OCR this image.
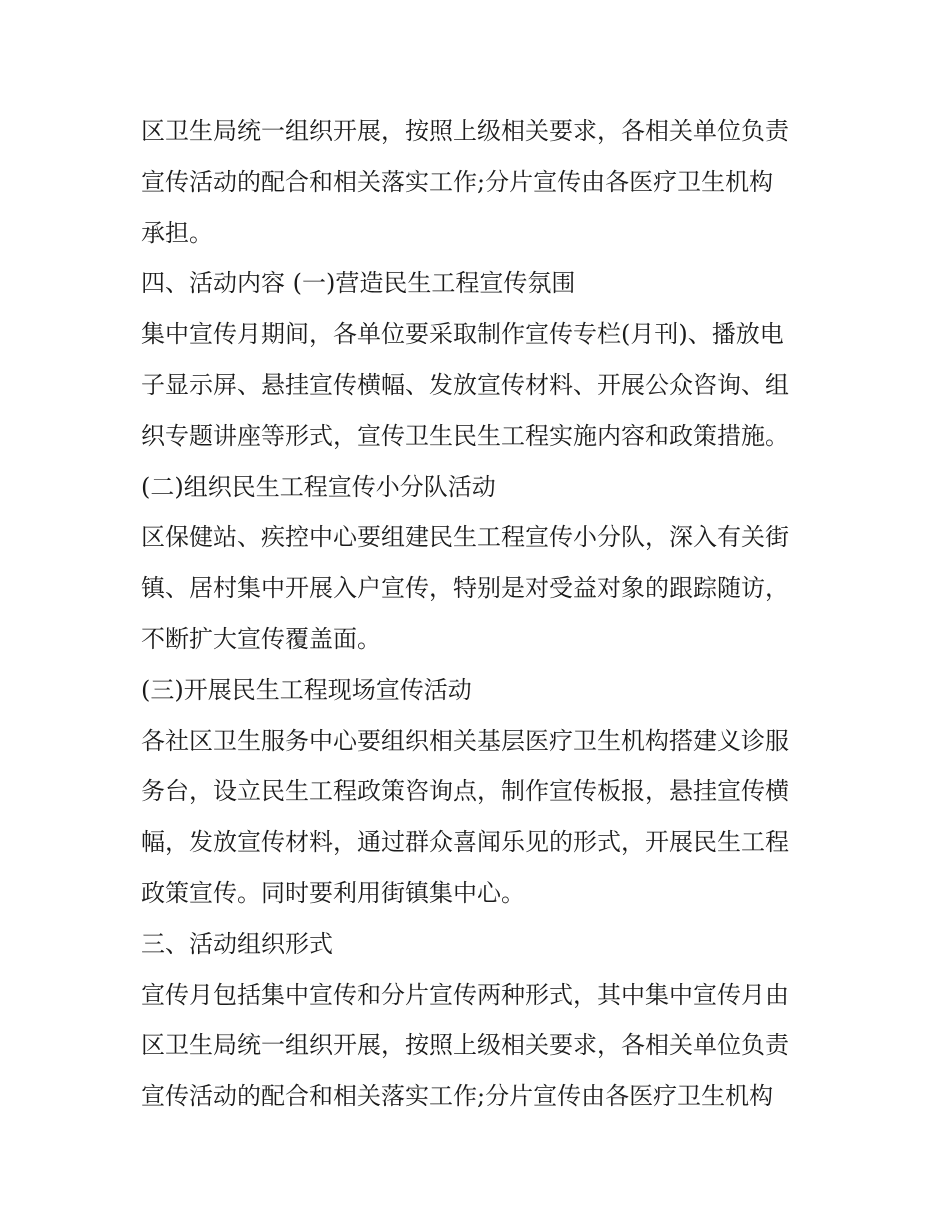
区卫生局统一组织开展，按照上级相关要求，各相关单位负责
宣传活动的配合和相关落实工作;分片宣传由各医疗卫生机构
承担。
四、活动内容 (一)营造民生工程宣传氛围
集中宣传月期间，各单位要采取制作宣传专栏(月刊)、播放电
子显示屏、悬挂宣传横幅、发放宣传材料、开展公众咨询、组
织专题讲座等形式，宣传卫生民生工程实施内容和政策措施。
(二)组织民生工程宣传小分队活动
区保健站、疾控中心要组建民生工程宣传小分队，深入有关街
镇、居村集中开展入户宣传，特别是对受益对象的跟踪随访，
不断扩大宣传覆盖面。
(三)开展民生工程现场宣传活动
各社区卫生服务中心要组织相关基层医疗卫生机构搭建义诊服
务台，设立民生工程政策咨询点，制作宣传板报，悬挂宣传横
幅，发放宣传材料，通过群众喜闻乐见的形式，开展民生工程
政策宣传。同时要利用街镇集中心。
三、活动组织形式
宣传月包括集中宣传和分片宣传两种形式，其中集中宣传月由
区卫生局统一组织开展，按照上级相关要求，各相关单位负责
宣传活动的配合和相关落实工作;分片宣传由各医疗卫生机构
